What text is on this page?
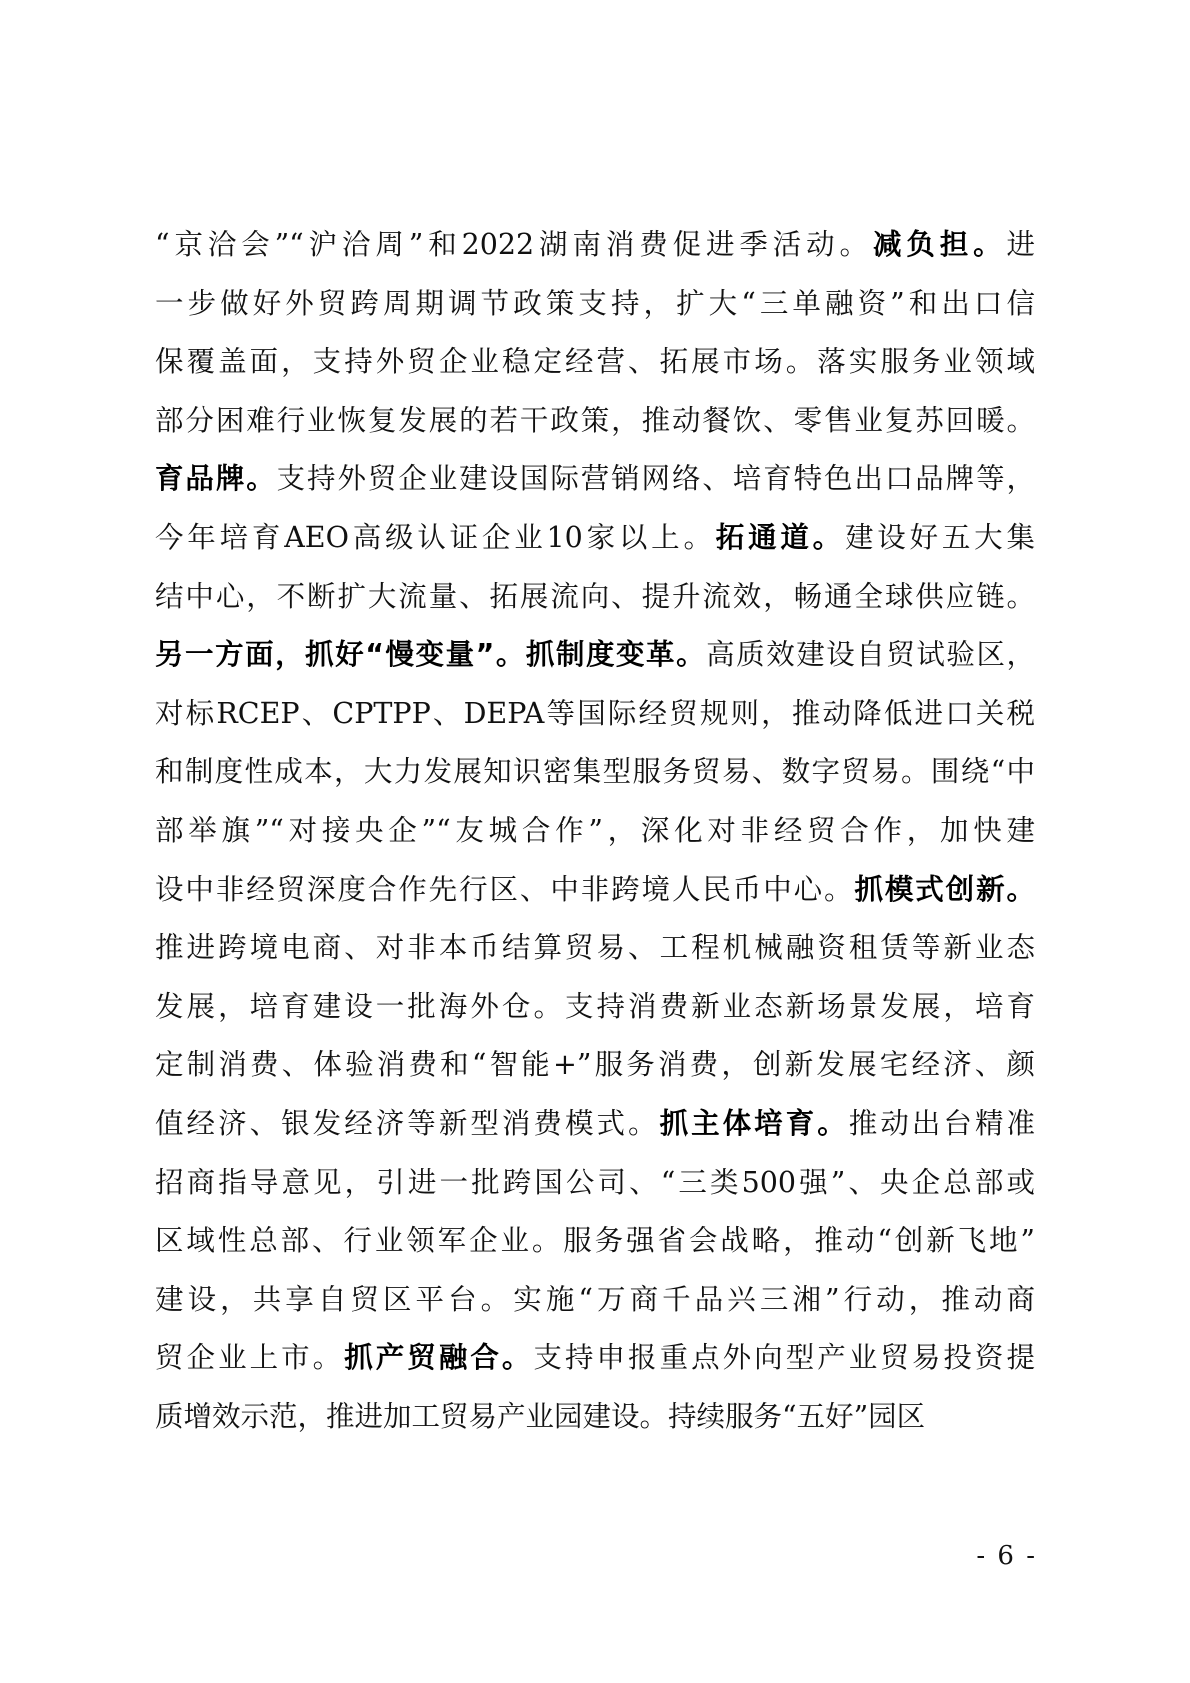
“京洽会”“沪洽周”和2022湖南消费促进季活动。减负担。进
一步做好外贸跨周期调节政策支持，扩大“三单融资”和出口信
保覆盖面，支持外贸企业稳定经营、拓展市场。落实服务业领域
部分困难行业恢复发展的若干政策，推动餐饮、零售业复苏回暖。
育品牌。支持外贸企业建设国际营销网络、培育特色出口品牌等，
今年培育AEO高级认证企业10家以上。拓通道。建设好五大集
结中心，不断扩大流量、拓展流向、提升流效，畅通全球供应链。
另一方面，抓好“慢变量”。抓制度变革。高质效建设自贸试验区，
对标RCEP、CPTPP、DEPA等国际经贸规则，推动降低进口关税
和制度性成本，大力发展知识密集型服务贸易、数字贸易。围绕“中
部举旗”“对接央企”“友城合作”，深化对非经贸合作，加快建
设中非经贸深度合作先行区、中非跨境人民币中心。抓模式创新。
推进跨境电商、对非本币结算贸易、工程机械融资租赁等新业态
发展，培育建设一批海外仓。支持消费新业态新场景发展，培育
定制消费、体验消费和“智能+”服务消费，创新发展宅经济、颜
值经济、银发经济等新型消费模式。抓主体培育。推动出台精准
招商指导意见，引进一批跨国公司、“三类500强”、央企总部或
区域性总部、行业领军企业。服务强省会战略，推动“创新飞地”
建设，共享自贸区平台。实施“万商千品兴三湘”行动，推动商
贸企业上市。抓产贸融合。支持申报重点外向型产业贸易投资提
质增效示范，推进加工贸易产业园建设。持续服务“五好”园区
- 6 -
